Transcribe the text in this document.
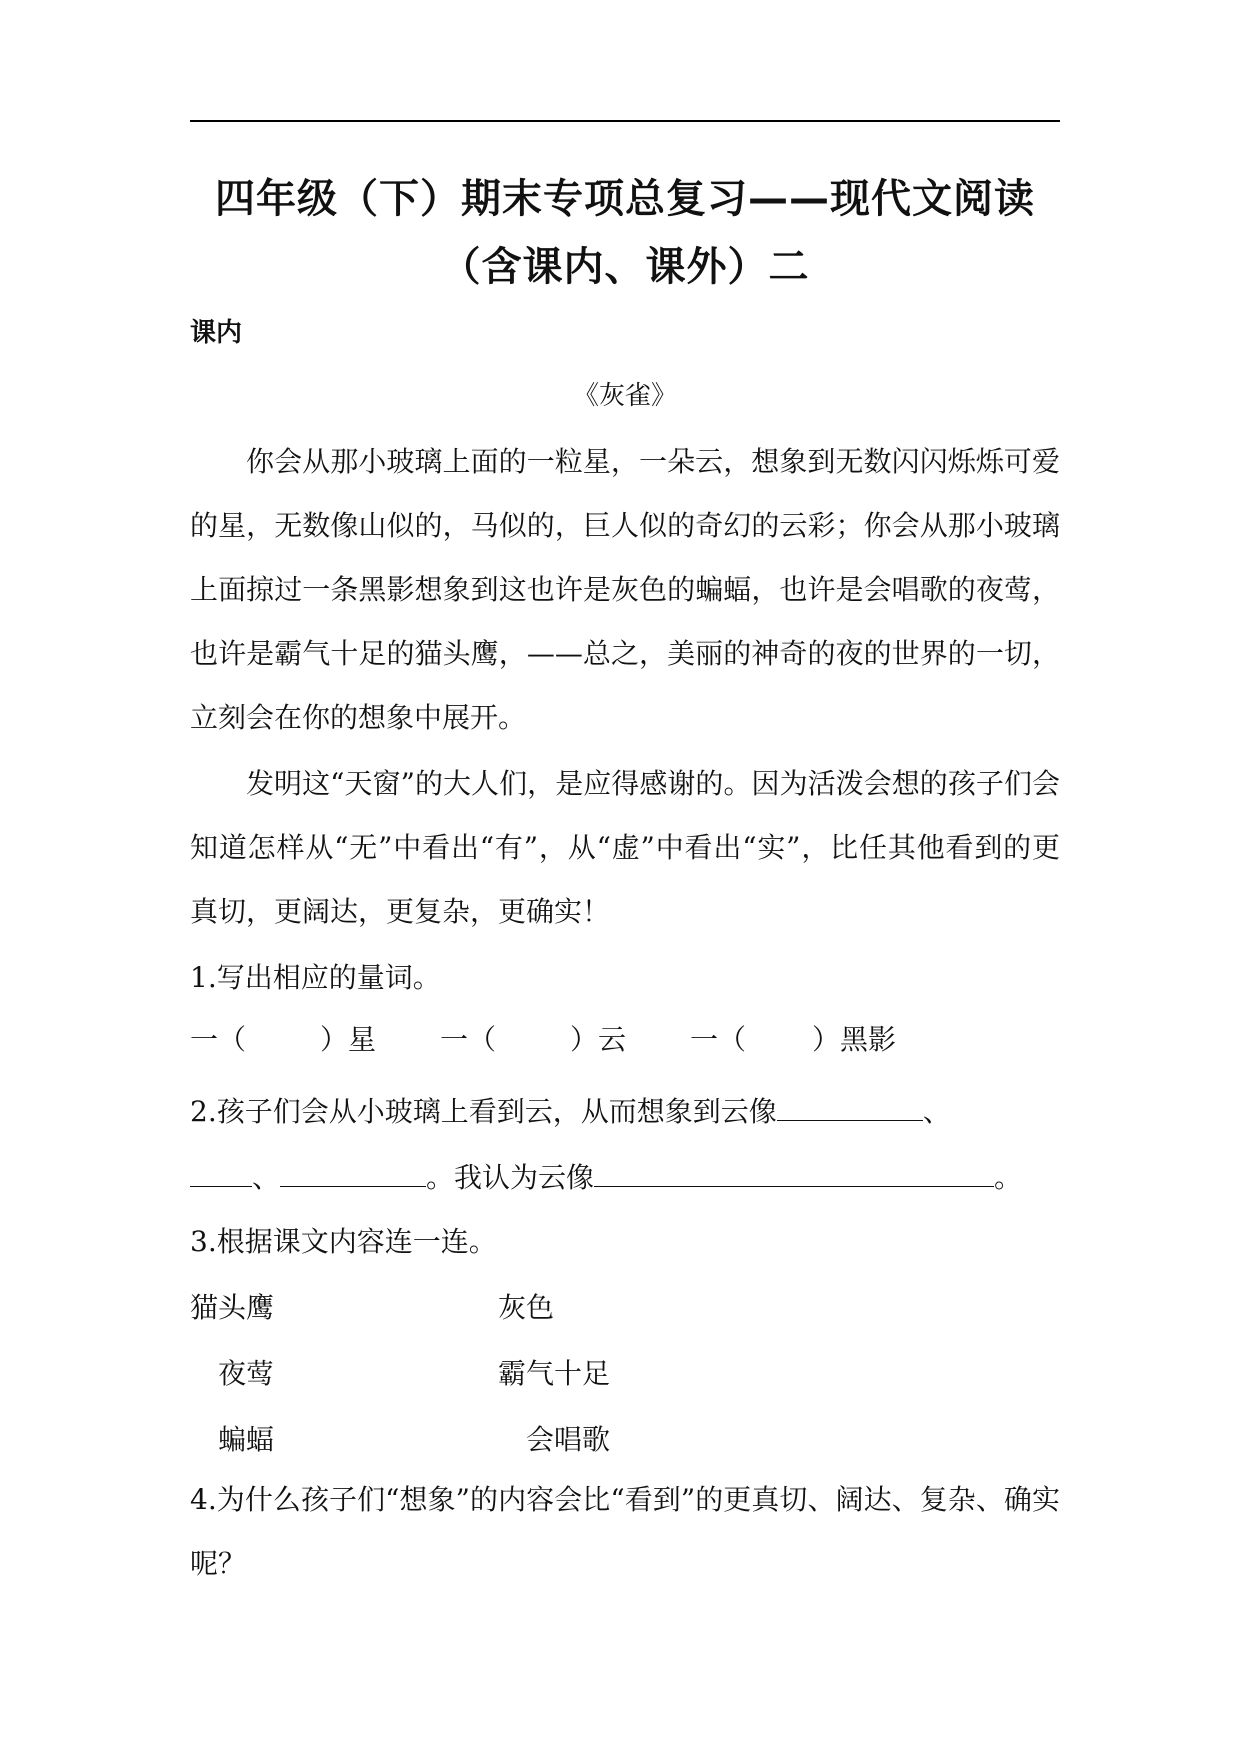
四年级（下）期末专项总复习——现代文阅读（含课内、课外）二
课内
《灰雀》
你会从那小玻璃上面的一粒星，一朵云，想象到无数闪闪烁烁可爱的星，无数像山似的，马似的，巨人似的奇幻的云彩；你会从那小玻璃上面掠过一条黑影想象到这也许是灰色的蝙蝠，也许是会唱歌的夜莺，也许是霸气十足的猫头鹰，——总之，美丽的神奇的夜的世界的一切，立刻会在你的想象中展开。
发明这“天窗”的大人们，是应得感谢的。因为活泼会想的孩子们会知道怎样从“无”中看出“有”，从“虚”中看出“实”，比任其他看到的更真切，更阔达，更复杂，更确实！
1.写出相应的量词。
一（	）星 一（	）云 一（ ）黑影
2.孩子们会从小玻璃上看到云，从而想象到云像	、
、	。我认为云像	。
3.根据课文内容连一连。
猫头鹰	灰色
夜莺	霸气十足
蝙蝠	会唱歌
4.为什么孩子们“想象”的内容会比“看到”的更真切、阔达、复杂、确实呢？
